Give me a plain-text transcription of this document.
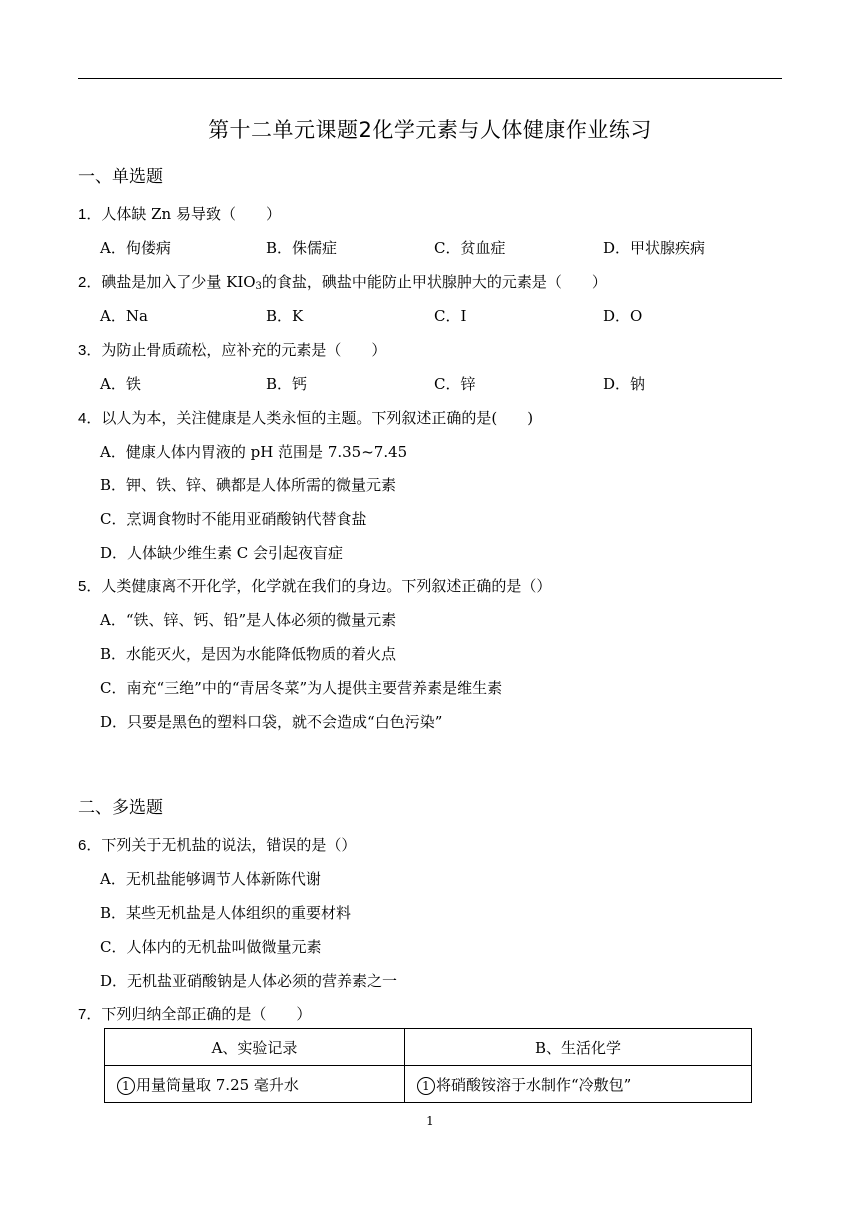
第十二单元课题2化学元素与人体健康作业练习
一、单选题
1．人体缺 Zn 易导致（　　）
A．佝偻病	B．侏儒症	C．贫血症	D．甲状腺疾病
2．碘盐是加入了少量 $KIO_3$的食盐，碘盐中能防止甲状腺肿大的元素是（　　）
A．Na	B．K	C．I	D．O
3．为防止骨质疏松，应补充的元素是（　　）
A．铁	B．钙	C．锌	D．钠
4．以人为本，关注健康是人类永恒的主题。下列叙述正确的是(　　)
A．健康人体内胃液的 pH 范围是 7.35~7.45
B．钾、铁、锌、碘都是人体所需的微量元素
C．烹调食物时不能用亚硝酸钠代替食盐
D．人体缺少维生素 C 会引起夜盲症
5．人类健康离不开化学，化学就在我们的身边。下列叙述正确的是（）
A．“铁、锌、钙、铅”是人体必须的微量元素
B．水能灭火，是因为水能降低物质的着火点
C．南充“三绝”中的“青居冬菜”为人提供主要营养素是维生素
D．只要是黑色的塑料口袋，就不会造成“白色污染”
二、多选题
6．下列关于无机盐的说法，错误的是（）
A．无机盐能够调节人体新陈代谢
B．某些无机盐是人体组织的重要材料
C．人体内的无机盐叫做微量元素
D．无机盐亚硝酸钠是人体必须的营养素之一
7．下列归纳全部正确的是（　　）
A、实验记录	B、生活化学
1 用量筒量取 7.25 毫升水	1 将硝酸铵溶于水制作“冷敷包”
1
